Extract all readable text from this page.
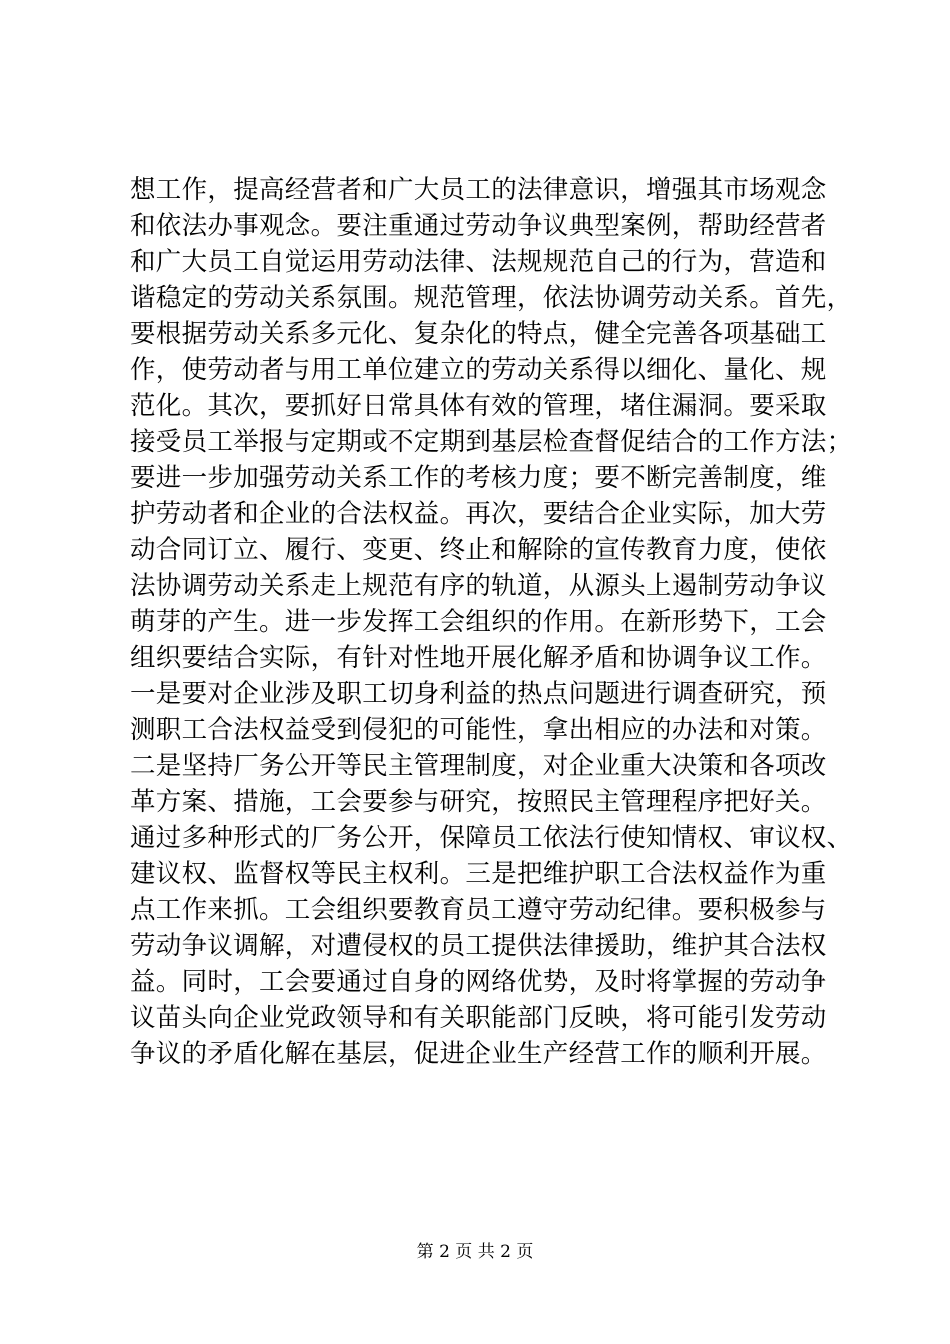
想工作，提高经营者和广大员工的法律意识，增强其市场观念
和依法办事观念。要注重通过劳动争议典型案例，帮助经营者
和广大员工自觉运用劳动法律、法规规范自己的行为，营造和
谐稳定的劳动关系氛围。规范管理，依法协调劳动关系。首先，
要根据劳动关系多元化、复杂化的特点，健全完善各项基础工
作，使劳动者与用工单位建立的劳动关系得以细化、量化、规
范化。其次，要抓好日常具体有效的管理，堵住漏洞。要采取
接受员工举报与定期或不定期到基层检查督促结合的工作方法；
要进一步加强劳动关系工作的考核力度；要不断完善制度，维
护劳动者和企业的合法权益。再次，要结合企业实际，加大劳
动合同订立、履行、变更、终止和解除的宣传教育力度，使依
法协调劳动关系走上规范有序的轨道，从源头上遏制劳动争议
萌芽的产生。进一步发挥工会组织的作用。在新形势下，工会
组织要结合实际，有针对性地开展化解矛盾和协调争议工作。
一是要对企业涉及职工切身利益的热点问题进行调查研究，预
测职工合法权益受到侵犯的可能性，拿出相应的办法和对策。
二是坚持厂务公开等民主管理制度，对企业重大决策和各项改
革方案、措施，工会要参与研究，按照民主管理程序把好关。
通过多种形式的厂务公开，保障员工依法行使知情权、审议权、
建议权、监督权等民主权利。三是把维护职工合法权益作为重
点工作来抓。工会组织要教育员工遵守劳动纪律。要积极参与
劳动争议调解，对遭侵权的员工提供法律援助，维护其合法权
益。同时，工会要通过自身的网络优势，及时将掌握的劳动争
议苗头向企业党政领导和有关职能部门反映，将可能引发劳动
争议的矛盾化解在基层，促进企业生产经营工作的顺利开展。
第 2 页 共 2 页
